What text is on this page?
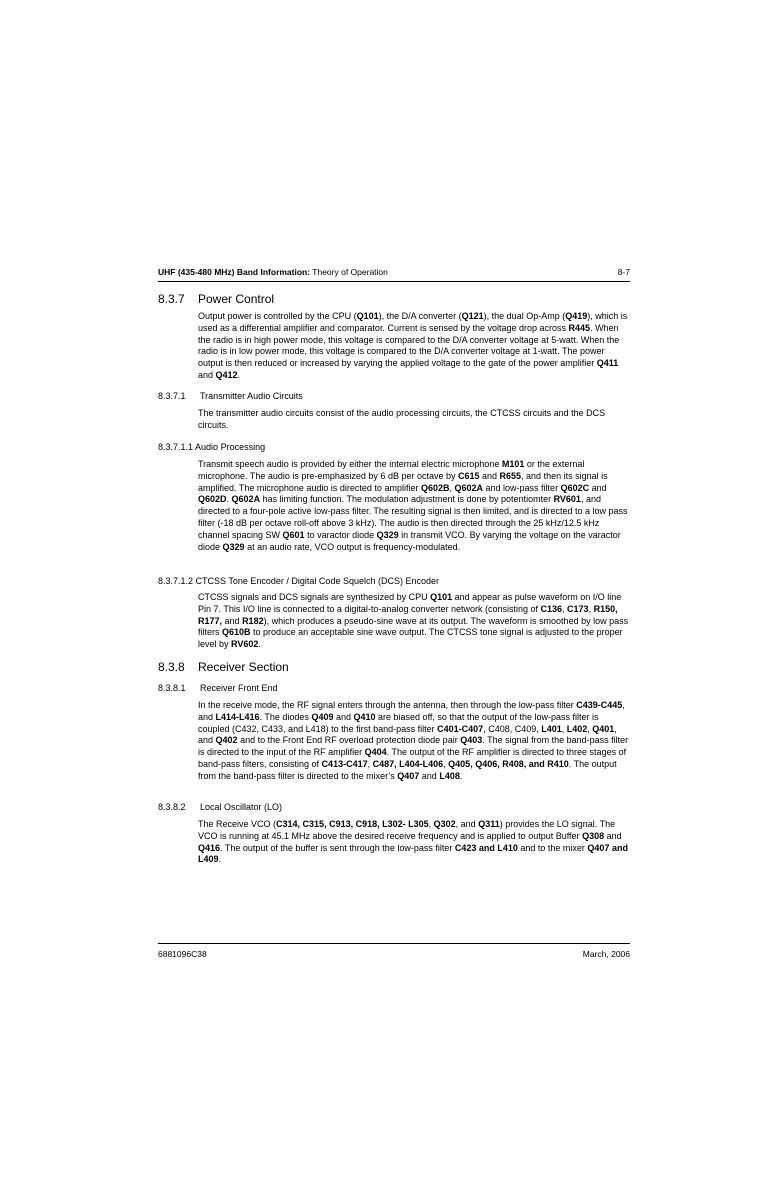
UHF (435-480 MHz) Band Information: Theory of Operation	8-7
8.3.7 Power Control

Output power is controlled by the CPU (Q101), the D/A converter (Q121), the dual Op-Amp (Q419), which is used as a differential amplifier and comparator. Current is sensed by the voltage drop across R445. When the radio is in high power mode, this voltage is compared to the D/A converter voltage at 5-watt. When the radio is in low power mode, this voltage is compared to the D/A converter voltage at 1-watt. The power output is then reduced or increased by varying the applied voltage to the gate of the power amplifier Q411 and Q412.

8.3.7.1 Transmitter Audio Circuits

The transmitter audio circuits consist of the audio processing circuits, the CTCSS circuits and the DCS circuits.

8.3.7.1.1 Audio Processing

Transmit speech audio is provided by either the internal electric microphone M101 or the external microphone. The audio is pre-emphasized by 6 dB per octave by C615 and R655, and then its signal is amplified. The microphone audio is directed to amplifier Q602B, Q602A and low-pass filter Q602C and Q602D. Q602A has limiting function. The modulation adjustment is done by potentiomter RV601, and directed to a four-pole active low-pass filter. The resulting signal is then limited, and is directed to a low pass filter (-18 dB per octave roll-off above 3 kHz). The audio is then directed through the 25 kHz/12.5 kHz channel spacing SW Q601 to varactor diode Q329 in transmit VCO. By varying the voltage on the varactor diode Q329 at an audio rate, VCO output is frequency-modulated.

8.3.7.1.2 CTCSS Tone Encoder / Digital Code Squelch (DCS) Encoder

CTCSS signals and DCS signals are synthesized by CPU Q101 and appear as pulse waveform on I/O line Pin 7. This I/O line is connected to a digital-to-analog converter network (consisting of C136, C173, R150, R177, and R182), which produces a pseudo-sine wave at its output. The waveform is smoothed by low pass filters Q610B to produce an acceptable sine wave output. The CTCSS tone signal is adjusted to the proper level by RV602.

8.3.8 Receiver Section
8.3.8.1 Receiver Front End

In the receive mode, the RF signal enters through the antenna, then through the low-pass filter C439-C445, and L414-L416. The diodes Q409 and Q410 are biased off, so that the output of the low-pass filter is coupled (C432, C433, and L418) to the first band-pass filter C401-C407, C408, C409, L401, L402, Q401, and Q402 and to the Front End RF overload protection diode pair Q403. The signal from the band-pass filter is directed to the input of the RF amplifier Q404. The output of the RF amplifier is directed to three stages of band-pass filters, consisting of C413-C417, C487, L404-L406, Q405, Q406, R408, and R410. The output from the band-pass filter is directed to the mixer’s Q407 and L408.

8.3.8.2 Local Oscillator (LO)

The Receive VCO (C314, C315, C913, C918, L302- L305, Q302, and Q311) provides the LO signal. The VCO is running at 45.1 MHz above the desired receive frequency and is applied to output Buffer Q308 and Q416. The output of the buffer is sent through the low-pass filter C423 and L410 and to the mixer Q407 and L409.

6881096C38	March, 2006
